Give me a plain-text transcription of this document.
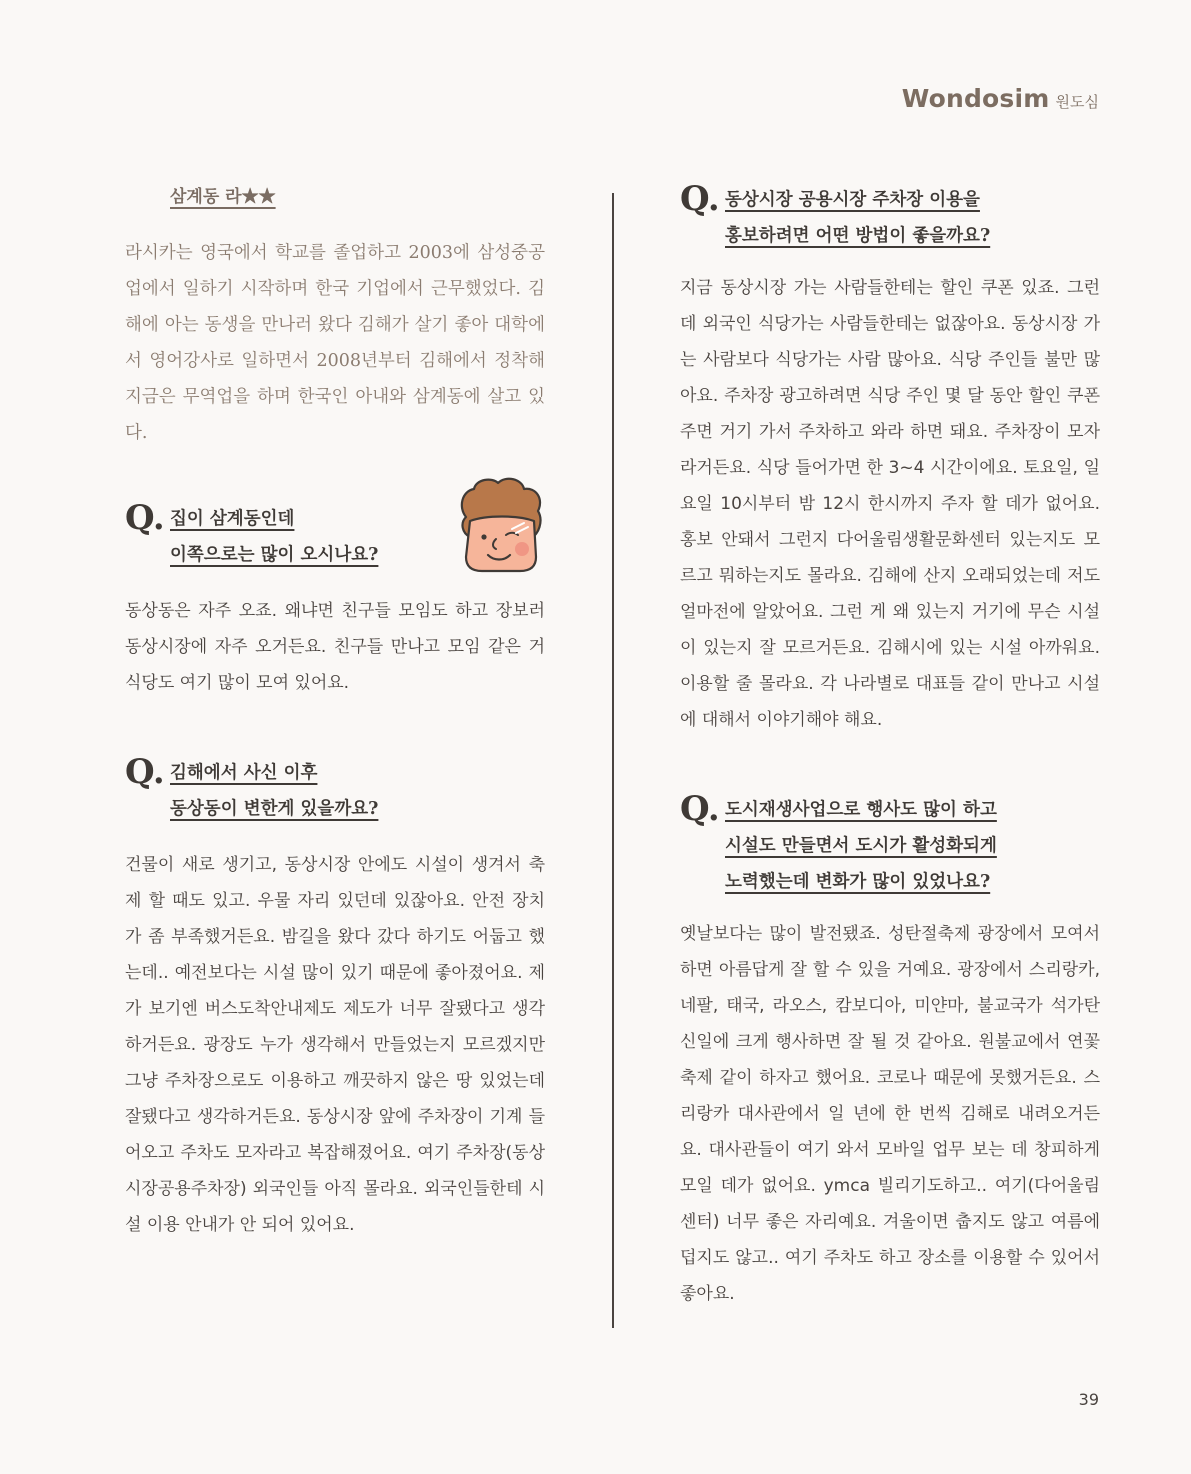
Wondosim 원도심
삼계동 라★★

라시카는 영국에서 학교를 졸업하고 2003에 삼성중공업에서 일하기 시작하며 한국 기업에서 근무했었다. 김해에 아는 동생을 만나러 왔다 김해가 살기 좋아 대학에서 영어강사로 일하면서 2008년부터 김해에서 정착해 지금은 무역업을 하며 한국인 아내와 삼계동에 살고 있다.

Q. 집이 삼계동인데
이쪽으로는 많이 오시나요?

동상동은 자주 오죠. 왜냐면 친구들 모임도 하고 장보러 동상시장에 자주 오거든요. 친구들 만나고 모임 같은 거 식당도 여기 많이 모여 있어요.

Q. 김해에서 사신 이후
동상동이 변한게 있을까요?

건물이 새로 생기고, 동상시장 안에도 시설이 생겨서 축제 할 때도 있고. 우물 자리 있던데 있잖아요. 안전 장치가 좀 부족했거든요. 밤길을 왔다 갔다 하기도 어둡고 했는데.. 예전보다는 시설 많이 있기 때문에 좋아졌어요. 제가 보기엔 버스도착안내제도 제도가 너무 잘됐다고 생각하거든요. 광장도 누가 생각해서 만들었는지 모르겠지만 그냥 주차장으로도 이용하고 깨끗하지 않은 땅 있었는데 잘됐다고 생각하거든요. 동상시장 앞에 주차장이 기계 들어오고 주차도 모자라고 복잡해졌어요. 여기 주차장(동상시장공용주차장) 외국인들 아직 몰라요. 외국인들한테 시설 이용 안내가 안 되어 있어요.

Q. 동상시장 공용시장 주차장 이용을
홍보하려면 어떤 방법이 좋을까요?

지금 동상시장 가는 사람들한테는 할인 쿠폰 있죠. 그런데 외국인 식당가는 사람들한테는 없잖아요. 동상시장 가는 사람보다 식당가는 사람 많아요. 식당 주인들 불만 많아요. 주차장 광고하려면 식당 주인 몇 달 동안 할인 쿠폰 주면 거기 가서 주차하고 와라 하면 돼요. 주차장이 모자라거든요. 식당 들어가면 한 3~4 시간이에요. 토요일, 일요일 10시부터 밤 12시 한시까지 주자 할 데가 없어요. 홍보 안돼서 그런지 다어울림생활문화센터 있는지도 모르고 뭐하는지도 몰라요. 김해에 산지 오래되었는데 저도 얼마전에 알았어요. 그런 게 왜 있는지 거기에 무슨 시설이 있는지 잘 모르거든요. 김해시에 있는 시설 아까워요. 이용할 줄 몰라요. 각 나라별로 대표들 같이 만나고 시설에 대해서 이야기해야 해요.

Q. 도시재생사업으로 행사도 많이 하고
시설도 만들면서 도시가 활성화되게
노력했는데 변화가 많이 있었나요?

옛날보다는 많이 발전됐죠. 성탄절축제 광장에서 모여서 하면 아름답게 잘 할 수 있을 거예요. 광장에서 스리랑카, 네팔, 태국, 라오스, 캄보디아, 미얀마, 불교국가 석가탄신일에 크게 행사하면 잘 될 것 같아요. 원불교에서 연꽃 축제 같이 하자고 했어요. 코로나 때문에 못했거든요. 스리랑카 대사관에서 일 년에 한 번씩 김해로 내려오거든요. 대사관들이 여기 와서 모바일 업무 보는 데 창피하게 모일 데가 없어요. ymca 빌리기도하고.. 여기(다어울림센터) 너무 좋은 자리예요. 겨울이면 춥지도 않고 여름에 덥지도 않고.. 여기 주차도 하고 장소를 이용할 수 있어서 좋아요.

39
